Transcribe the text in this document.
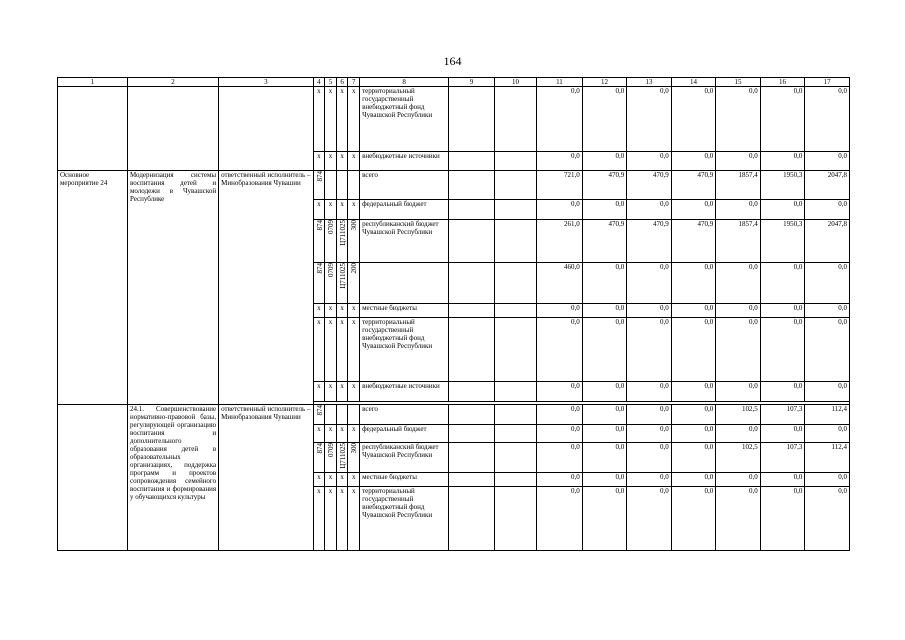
164
1	2	3	4	5	6	7	8	9	10	11	12	13	14	15	16	17
			x	x	x	x	территориальный государственный внебюджетный фонд Чувашской Республики			0,0	0,0	0,0	0,0	0,0	0,0	0,0
			x	x	x	x	внебюджетные источники			0,0	0,0	0,0	0,0	0,0	0,0	0,0
Основное мероприятие 24	Модернизация системы воспитания детей и молодежи в Чувашской Республике	ответственный исполнитель – Минобразования Чувашии	874				всего			721,0	470,9	470,9	470,9	1857,4	1950,3	2047,8
			x	x	x	x	федеральный бюджет			0,0	0,0	0,0	0,0	0,0	0,0	0,0
			874	0709	Ц711025	300	республиканский бюджет Чувашской Республики			261,0	470,9	470,9	470,9	1857,4	1950,3	2047,8
			874	0709	Ц711025	200				460,0	0,0	0,0	0,0	0,0	0,0	0,0
			x	x	x	x	местные бюджеты			0,0	0,0	0,0	0,0	0,0	0,0	0,0
			x	x	x	x	территориальный государственный внебюджетный фонд Чувашской Республики			0,0	0,0	0,0	0,0	0,0	0,0	0,0
			x	x	x	x	внебюджетные источники			0,0	0,0	0,0	0,0	0,0	0,0	0,0

	24.1. Совершенствование нормативно-правовой базы, регулирующей организацию воспитания и дополнительного образования детей в образовательных организациях, поддержка программ и проектов сопровождения семейного воспитания и формирования у обучающихся культуры	ответственный исполнитель – Минобразования Чувашии	874				всего			0,0	0,0	0,0	0,0	102,5	107,3	112,4
			x	x	x	x	федеральный бюджет			0,0	0,0	0,0	0,0	0,0	0,0	0,0
			874	0709	Ц711025	300	республиканский бюджет Чувашской Республики			0,0	0,0	0,0	0,0	102,5	107,3	112,4
			x	x	x	x	местные бюджеты			0,0	0,0	0,0	0,0	0,0	0,0	0,0
			x	x	x	x	территориальный государственный внебюджетный фонд Чувашской Республики			0,0	0,0	0,0	0,0	0,0	0,0	0,0
